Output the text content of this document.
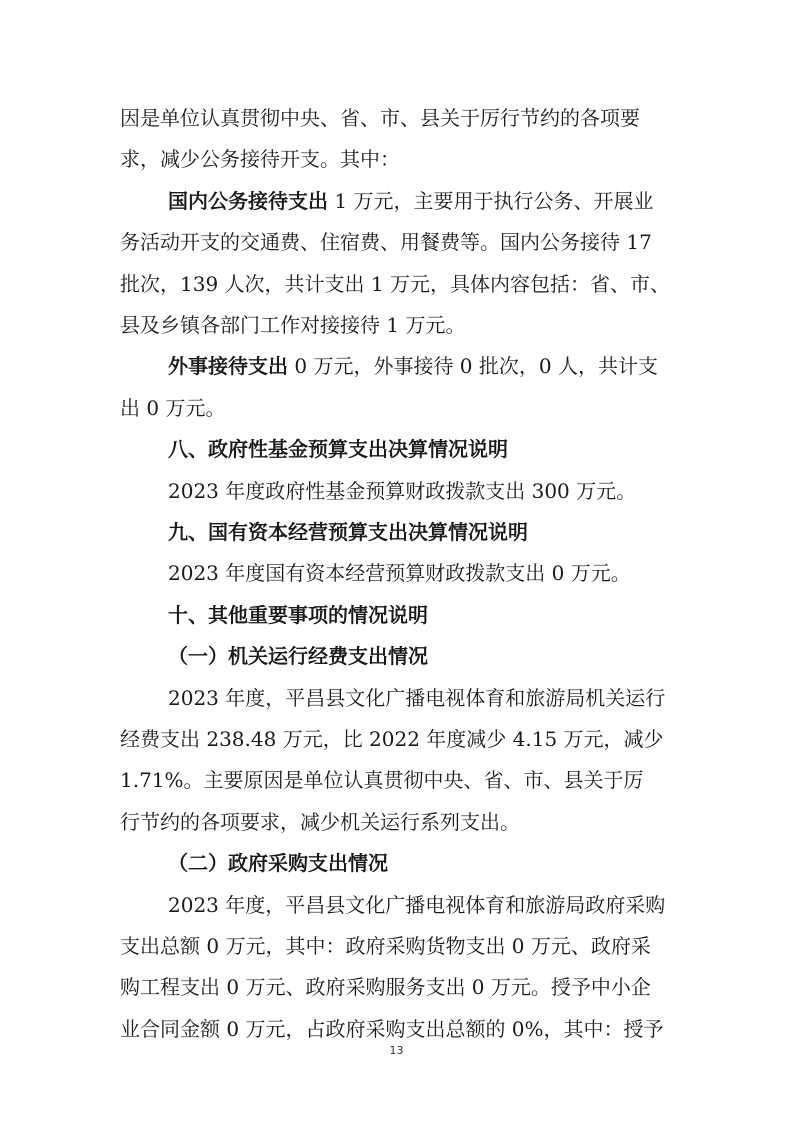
因是单位认真贯彻中央、省、市、县关于厉行节约的各项要
求，减少公务接待开支。其中：
国内公务接待支出 1 万元，主要用于执行公务、开展业
务活动开支的交通费、住宿费、用餐费等。国内公务接待 17
批次，139 人次，共计支出 1 万元，具体内容包括：省、市、
县及乡镇各部门工作对接接待 1 万元。
外事接待支出 0 万元，外事接待 0 批次，0 人，共计支
出 0 万元。
八、政府性基金预算支出决算情况说明
2023 年度政府性基金预算财政拨款支出 300 万元。
九、国有资本经营预算支出决算情况说明
2023 年度国有资本经营预算财政拨款支出 0 万元。
十、其他重要事项的情况说明
（一）机关运行经费支出情况
2023 年度，平昌县文化广播电视体育和旅游局机关运行
经费支出 238.48 万元，比 2022 年度减少 4.15 万元，减少
1.71%。主要原因是单位认真贯彻中央、省、市、县关于厉
行节约的各项要求，减少机关运行系列支出。
（二）政府采购支出情况
2023 年度，平昌县文化广播电视体育和旅游局政府采购
支出总额 0 万元，其中：政府采购货物支出 0 万元、政府采
购工程支出 0 万元、政府采购服务支出 0 万元。授予中小企
业合同金额 0 万元，占政府采购支出总额的 0%，其中：授予
13
